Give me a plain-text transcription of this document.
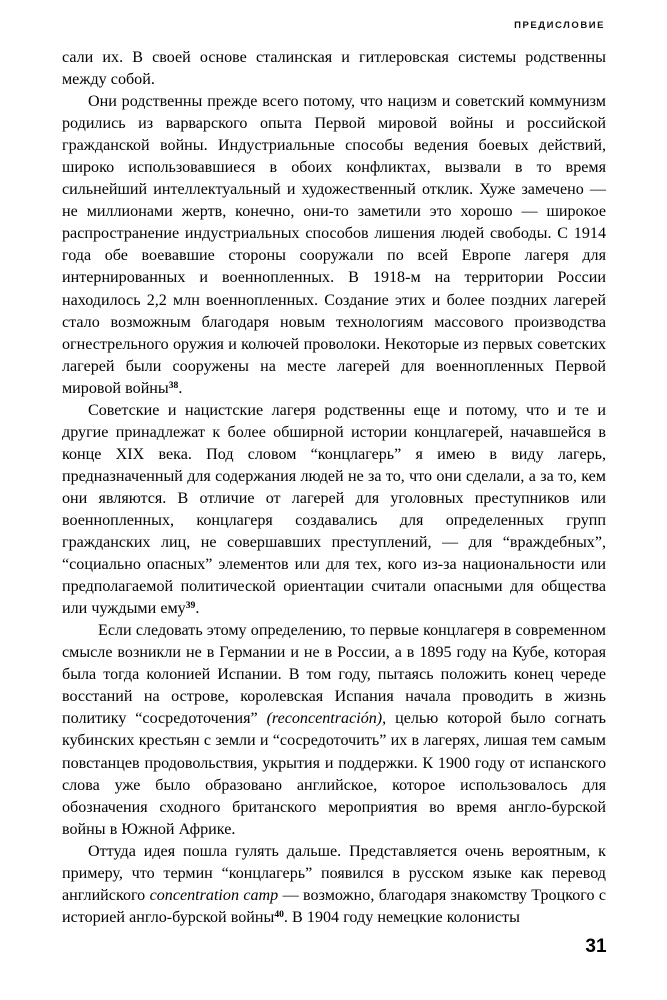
ПРЕДИСЛОВИЕ

сали их. В своей основе сталинская и гитлеровская системы родственны между собой.

Они родственны прежде всего потому, что нацизм и советский коммунизм родились из варварского опыта Первой мировой войны и российской гражданской войны. Индустриальные способы ведения боевых действий, широко использовавшиеся в обоих конфликтах, вызвали в то время сильнейший интеллектуальный и художественный отклик. Хуже замечено — не миллионами жертв, конечно, они-то заметили это хорошо — широкое распространение индустриальных способов лишения людей свободы. С 1914 года обе воевавшие стороны сооружали по всей Европе лагеря для интернированных и военнопленных. В 1918-м на территории России находилось 2,2 млн военнопленных. Создание этих и более поздних лагерей стало возможным благодаря новым технологиям массового производства огнестрельного оружия и колючей проволоки. Некоторые из первых советских лагерей были сооружены на месте лагерей для военнопленных Первой мировой войны$^{38}$.

Советские и нацистские лагеря родственны еще и потому, что и те и другие принадлежат к более обширной истории концлагерей, начавшейся в конце XIX века. Под словом “концлагерь” я имею в виду лагерь, предназначенный для содержания людей не за то, что они сделали, а за то, кем они являются. В отличие от лагерей для уголовных преступников или военнопленных, концлагеря создавались для определенных групп гражданских лиц, не совершавших преступлений, — для “враждебных”, “социально опасных” элементов или для тех, кого из-за национальности или предполагаемой политической ориентации считали опасными для общества или чуждыми ему$^{39}$.

Если следовать этому определению, то первые концлагеря в современном смысле возникли не в Германии и не в России, а в 1895 году на Кубе, которая была тогда колонией Испании. В том году, пытаясь положить конец череде восстаний на острове, королевская Испания начала проводить в жизнь политику “сосредоточения” (reconcentración), целью которой было согнать кубинских крестьян с земли и “сосредоточить” их в лагерях, лишая тем самым повстанцев продовольствия, укрытия и поддержки. К 1900 году от испанского слова уже было образовано английское, которое использовалось для обозначения сходного британского мероприятия во время англо-бурской войны в Южной Африке.

Оттуда идея пошла гулять дальше. Представляется очень вероятным, к примеру, что термин “концлагерь” появился в русском языке как перевод английского concentration camp — возможно, благодаря знакомству Троцкого с историей англо-бурской войны$^{40}$. В 1904 году немецкие колонисты

31
